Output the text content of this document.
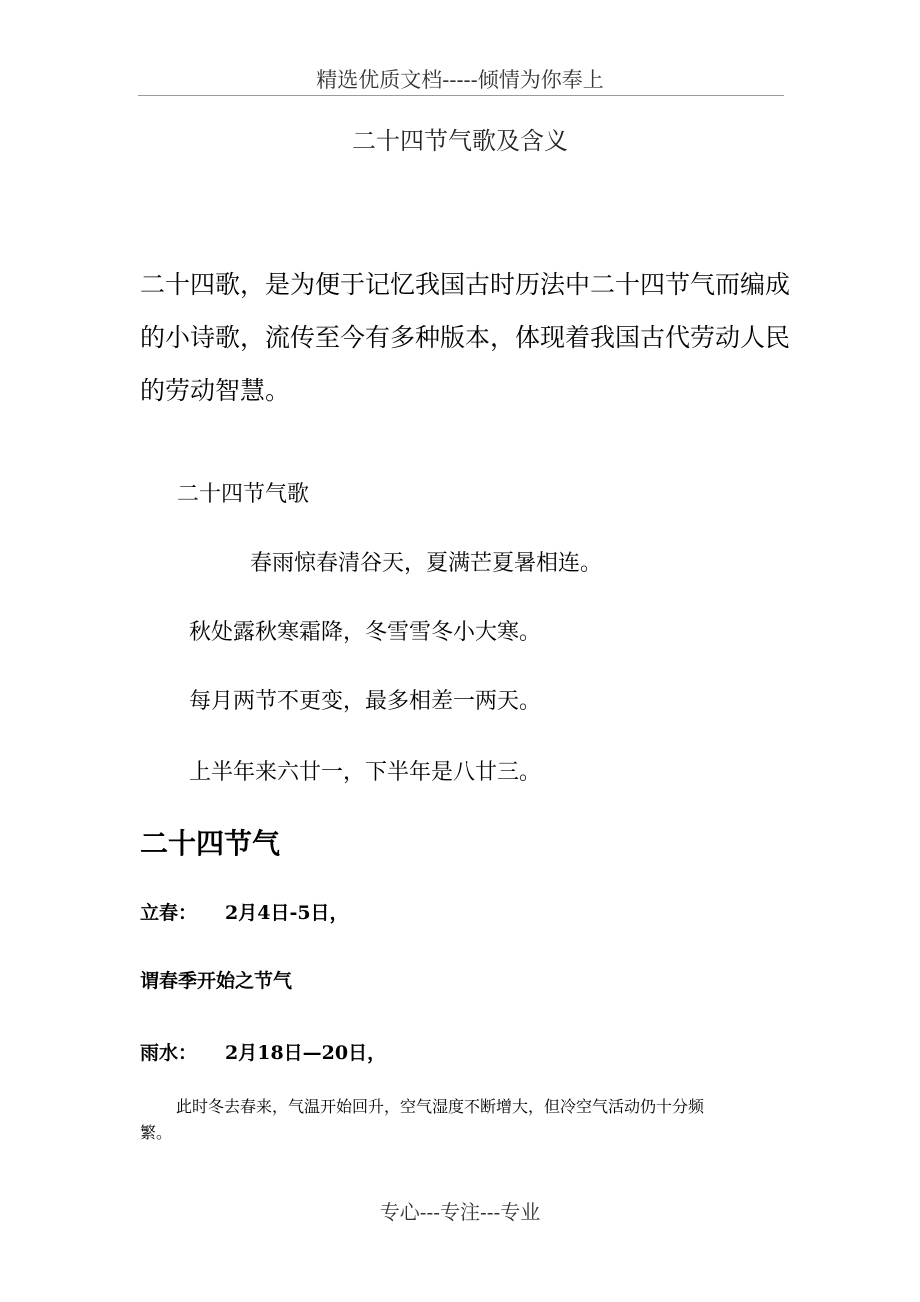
精选优质文档-----倾情为你奉上
二十四节气歌及含义
二十四歌，是为便于记忆我国古时历法中二十四节气而编成
的小诗歌，流传至今有多种版本，体现着我国古代劳动人民
的劳动智慧。
二十四节气歌
春雨惊春清谷天，夏满芒夏暑相连。
秋处露秋寒霜降，冬雪雪冬小大寒。
每月两节不更变，最多相差一两天。
上半年来六廿一，下半年是八廿三。
二十四节气
立春： 2月4日-5日，
谓春季开始之节气
雨水： 2月18日—20日，
此时冬去春来，气温开始回升，空气湿度不断增大，但冷空气活动仍十分频
繁。
专心---专注---专业
